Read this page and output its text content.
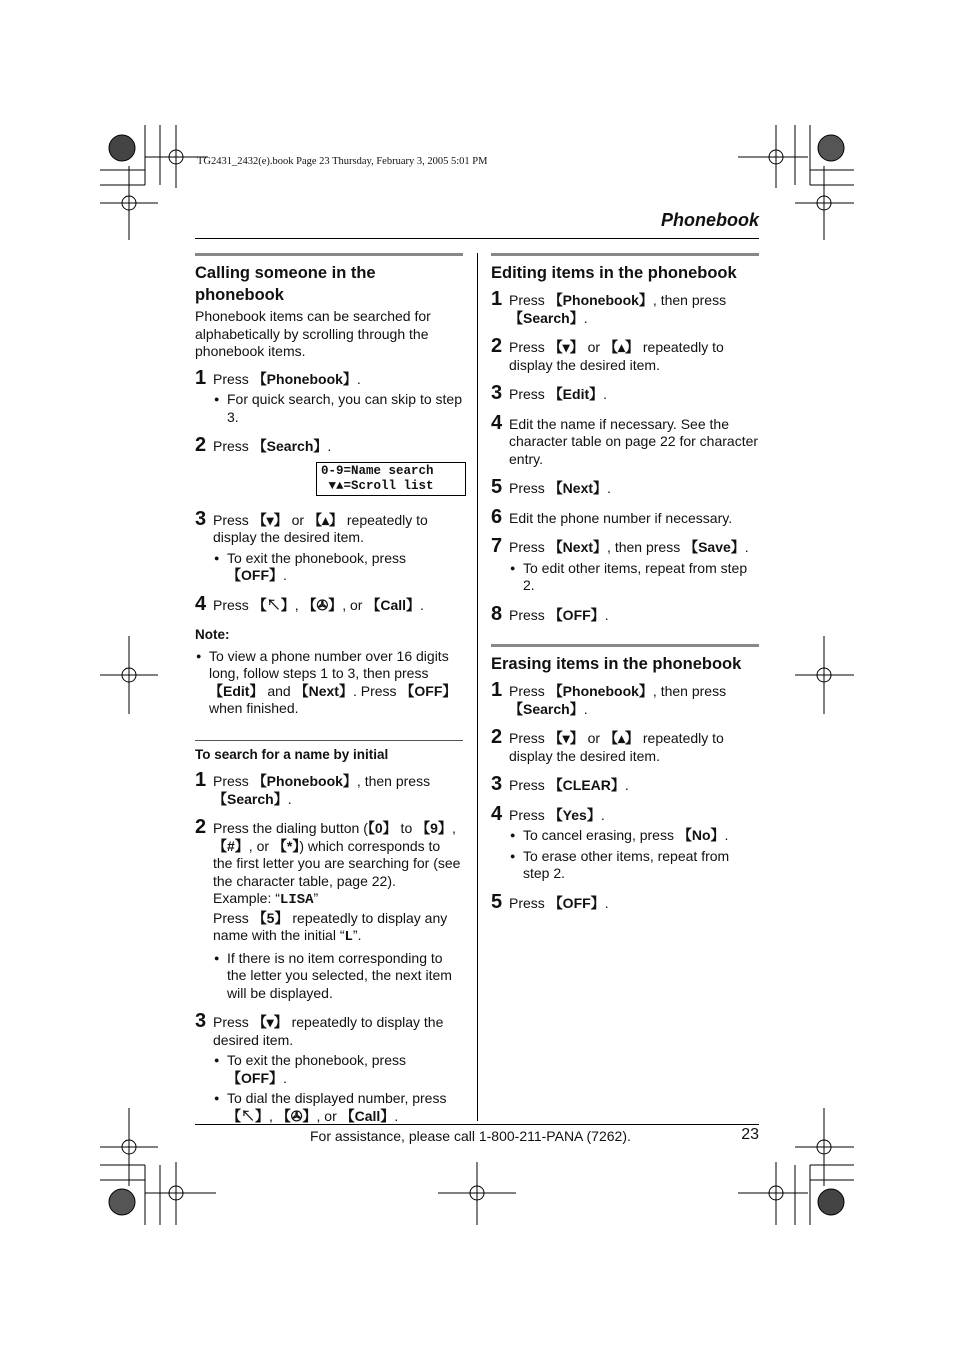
TG2431_2432(e).book Page 23 Thursday, February 3, 2005 5:01 PM
Phonebook
Calling someone in the phonebook

Phonebook items can be searched for alphabetically by scrolling through the phonebook items.

1 Press 【Phonebook】.
● For quick search, you can skip to step 3.
2 Press 【Search】.
0-9=Name search
▼▲=Scroll list
3 Press 【▾】 or 【▴】 repeatedly to display the desired item.
● To exit the phonebook, press 【OFF】.
4 Press 【↖】, 【✇】, or 【Call】.
Note:
● To view a phone number over 16 digits long, follow steps 1 to 3, then press 【Edit】 and 【Next】. Press 【OFF】 when finished.
To search for a name by initial
1 Press 【Phonebook】, then press 【Search】.
2 Press the dialing button (【0】 to 【9】, 【#】, or 【*】) which corresponds to the first letter you are searching for (see the character table, page 22).
Example: “LISA”
Press 【5】 repeatedly to display any name with the initial “L”.
● If there is no item corresponding to the letter you selected, the next item will be displayed.
3 Press 【▾】 repeatedly to display the desired item.
● To exit the phonebook, press 【OFF】.
● To dial the displayed number, press 【↖】, 【✇】, or 【Call】.
Editing items in the phonebook
1 Press 【Phonebook】, then press 【Search】.
2 Press 【▾】 or 【▴】 repeatedly to display the desired item.
3 Press 【Edit】.
4 Edit the name if necessary. See the character table on page 22 for character entry.
5 Press 【Next】.
6 Edit the phone number if necessary.
7 Press 【Next】, then press 【Save】.
● To edit other items, repeat from step 2.
8 Press 【OFF】.
Erasing items in the phonebook
1 Press 【Phonebook】, then press 【Search】.
2 Press 【▾】 or 【▴】 repeatedly to display the desired item.
3 Press 【CLEAR】.
4 Press 【Yes】.
● To cancel erasing, press 【No】.
● To erase other items, repeat from step 2.
5 Press 【OFF】.
For assistance, please call 1-800-211-PANA (7262).	23
